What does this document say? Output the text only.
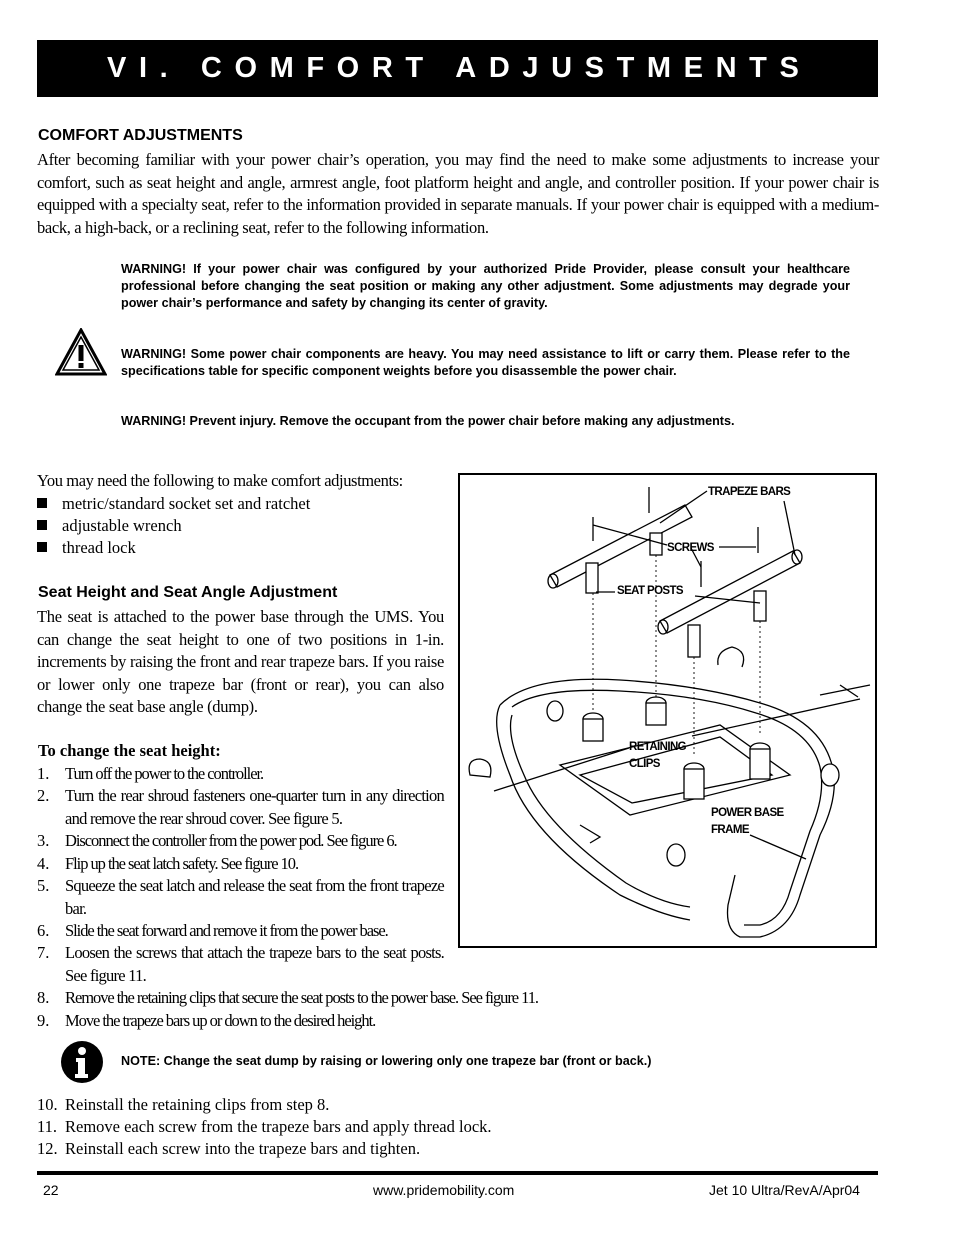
VI. COMFORT ADJUSTMENTS
COMFORT ADJUSTMENTS

After becoming familiar with your power chair’s operation, you may find the need to make some adjustments to increase your comfort, such as seat height and angle, armrest angle, foot platform height and angle, and controller position. If your power chair is equipped with a specialty seat, refer to the information provided in separate manuals. If your power chair is equipped with a medium-back, a high-back, or a reclining seat, refer to the following information.

WARNING! If your power chair was configured by your authorized Pride Provider, please consult your healthcare professional before changing the seat position or making any other adjustment. Some adjustments may degrade your power chair’s performance and safety by changing its center of gravity.

WARNING! Some power chair components are heavy. You may need assistance to lift or carry them. Please refer to the specifications table for specific component weights before you disassemble the power chair.

WARNING! Prevent injury. Remove the occupant from the power chair before making any adjustments.

You may need the following to make comfort adjustments:
metric/standard socket set and ratchet
adjustable wrench
thread lock
Seat Height and Seat Angle Adjustment

The seat is attached to the power base through the UMS. You can change the seat height to one of two positions in 1-in. increments by raising the front and rear trapeze bars. If you raise or lower only one trapeze bar (front or rear), you can also change the seat base angle (dump).

To change the seat height:
1. Turn off the power to the controller.
2. Turn the rear shroud fasteners one-quarter turn in any direction and remove the rear shroud cover. See figure 5.
3. Disconnect the controller from the power pod. See figure 6.
4. Flip up the seat latch safety. See figure 10.
5. Squeeze the seat latch and release the seat from the front trapeze bar.
6. Slide the seat forward and remove it from the power base.
7. Loosen the screws that attach the trapeze bars to the seat posts. See figure 11.
8. Remove the retaining clips that secure the seat posts to the power base. See figure 11.
9. Move the trapeze bars up or down to the desired height.
NOTE: Change the seat dump by raising or lowering only one trapeze bar (front or back.)
10. Reinstall the retaining clips from step 8.
11. Remove each screw from the trapeze bars and apply thread lock.
12. Reinstall each screw into the trapeze bars and tighten.
TRAPEZE BARS
SCREWS
SEAT POSTS
RETAINING
CLIPS
POWER BASE
FRAME
22	www.pridemobility.com	Jet 10 Ultra/RevA/Apr04
